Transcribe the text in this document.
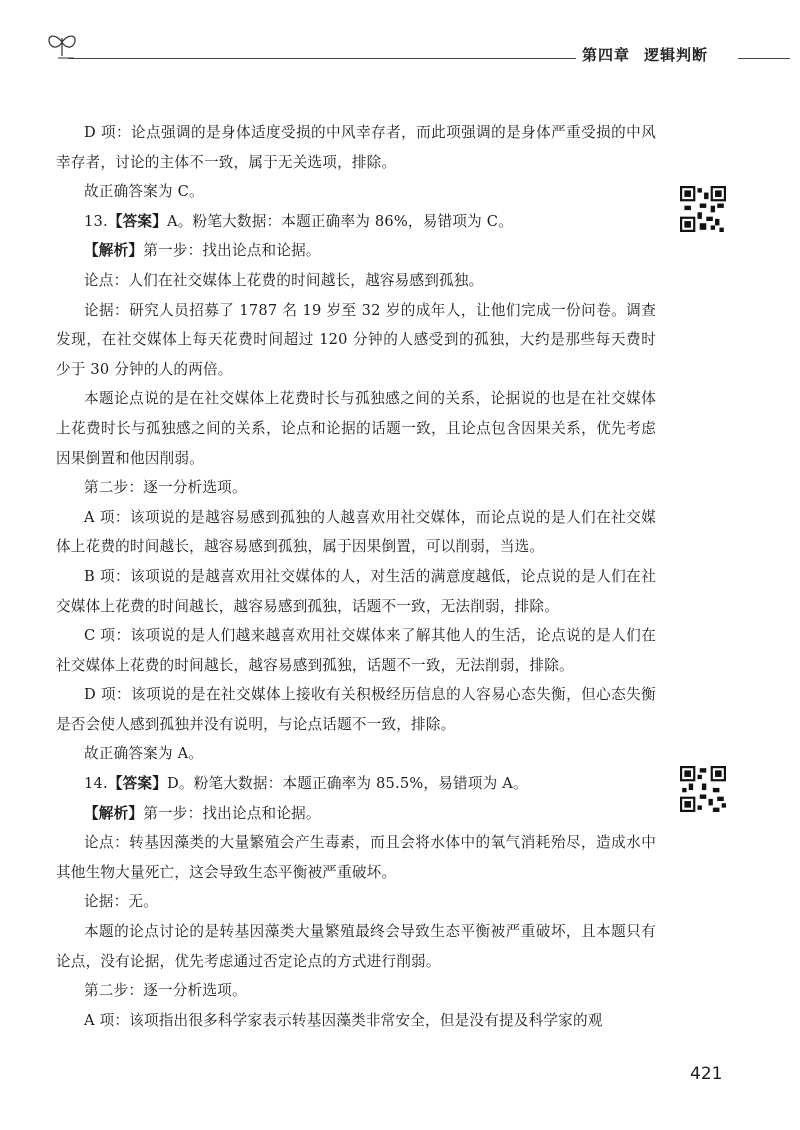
第四章 逻辑判断

D 项：论点强调的是身体适度受损的中风幸存者，而此项强调的是身体严重受损的中风幸存者，讨论的主体不一致，属于无关选项，排除。

故正确答案为 C。

13.【答案】A。粉笔大数据：本题正确率为 86%，易错项为 C。

【解析】第一步：找出论点和论据。

论点：人们在社交媒体上花费的时间越长，越容易感到孤独。

论据：研究人员招募了 1787 名 19 岁至 32 岁的成年人，让他们完成一份问卷。调查发现，在社交媒体上每天花费时间超过 120 分钟的人感受到的孤独，大约是那些每天费时少于 30 分钟的人的两倍。

本题论点说的是在社交媒体上花费时长与孤独感之间的关系，论据说的也是在社交媒体上花费时长与孤独感之间的关系，论点和论据的话题一致，且论点包含因果关系，优先考虑因果倒置和他因削弱。

第二步：逐一分析选项。

A 项：该项说的是越容易感到孤独的人越喜欢用社交媒体，而论点说的是人们在社交媒体上花费的时间越长，越容易感到孤独，属于因果倒置，可以削弱，当选。

B 项：该项说的是越喜欢用社交媒体的人，对生活的满意度越低，论点说的是人们在社交媒体上花费的时间越长，越容易感到孤独，话题不一致，无法削弱，排除。

C 项：该项说的是人们越来越喜欢用社交媒体来了解其他人的生活，论点说的是人们在社交媒体上花费的时间越长，越容易感到孤独，话题不一致，无法削弱，排除。

D 项：该项说的是在社交媒体上接收有关积极经历信息的人容易心态失衡，但心态失衡是否会使人感到孤独并没有说明，与论点话题不一致，排除。

故正确答案为 A。

14.【答案】D。粉笔大数据：本题正确率为 85.5%，易错项为 A。

【解析】第一步：找出论点和论据。

论点：转基因藻类的大量繁殖会产生毒素，而且会将水体中的氧气消耗殆尽，造成水中其他生物大量死亡，这会导致生态平衡被严重破坏。

论据：无。

本题的论点讨论的是转基因藻类大量繁殖最终会导致生态平衡被严重破坏，且本题只有论点，没有论据，优先考虑通过否定论点的方式进行削弱。

第二步：逐一分析选项。

A 项：该项指出很多科学家表示转基因藻类非常安全，但是没有提及科学家的观

421
